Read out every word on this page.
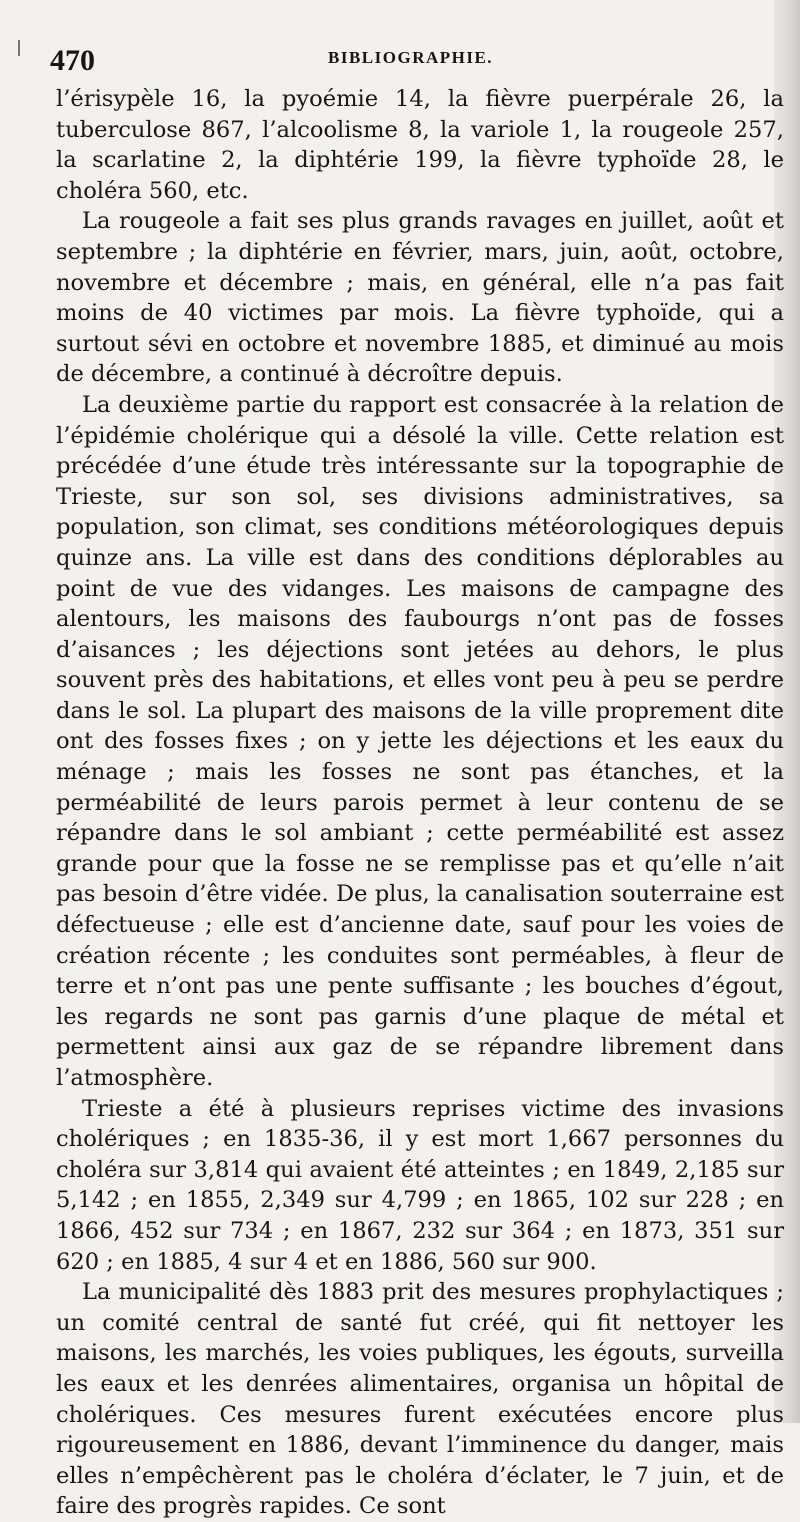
470	BIBLIOGRAPHIE.

l’érisypèle 16, la pyoémie 14, la fièvre puerpérale 26, la tuberculose 867, l’alcoolisme 8, la variole 1, la rougeole 257, la scarlatine 2, la diphtérie 199, la fièvre typhoïde 28, le choléra 560, etc.

La rougeole a fait ses plus grands ravages en juillet, août et septembre ; la diphtérie en février, mars, juin, août, octobre, novembre et décembre ; mais, en général, elle n’a pas fait moins de 40 victimes par mois. La fièvre typhoïde, qui a surtout sévi en octobre et novembre 1885, et diminué au mois de décembre, a continué à décroître depuis.

La deuxième partie du rapport est consacrée à la relation de l’épidémie cholérique qui a désolé la ville. Cette relation est précédée d’une étude très intéressante sur la topographie de Trieste, sur son sol, ses divisions administratives, sa population, son climat, ses conditions météorologiques depuis quinze ans. La ville est dans des conditions déplorables au point de vue des vidanges. Les maisons de campagne des alentours, les maisons des faubourgs n’ont pas de fosses d’aisances ; les déjections sont jetées au dehors, le plus souvent près des habitations, et elles vont peu à peu se perdre dans le sol. La plupart des maisons de la ville proprement dite ont des fosses fixes ; on y jette les déjections et les eaux du ménage ; mais les fosses ne sont pas étanches, et la perméabilité de leurs parois permet à leur contenu de se répandre dans le sol ambiant ; cette perméabilité est assez grande pour que la fosse ne se remplisse pas et qu’elle n’ait pas besoin d’être vidée. De plus, la canalisation souterraine est défectueuse ; elle est d’ancienne date, sauf pour les voies de création récente ; les conduites sont perméables, à fleur de terre et n’ont pas une pente suffisante ; les bouches d’égout, les regards ne sont pas garnis d’une plaque de métal et permettent ainsi aux gaz de se répandre librement dans l’atmosphère.

Trieste a été à plusieurs reprises victime des invasions cholériques ; en 1835-36, il y est mort 1,667 personnes du choléra sur 3,814 qui avaient été atteintes ; en 1849, 2,185 sur 5,142 ; en 1855, 2,349 sur 4,799 ; en 1865, 102 sur 228 ; en 1866, 452 sur 734 ; en 1867, 232 sur 364 ; en 1873, 351 sur 620 ; en 1885, 4 sur 4 et en 1886, 560 sur 900.

La municipalité dès 1883 prit des mesures prophylactiques ; un comité central de santé fut créé, qui fit nettoyer les maisons, les marchés, les voies publiques, les égouts, surveilla les eaux et les denrées alimentaires, organisa un hôpital de cholériques. Ces mesures furent exécutées encore plus rigoureusement en 1886, devant l’imminence du danger, mais elles n’empêchèrent pas le choléra d’éclater, le 7 juin, et de faire des progrès rapides. Ce sont
